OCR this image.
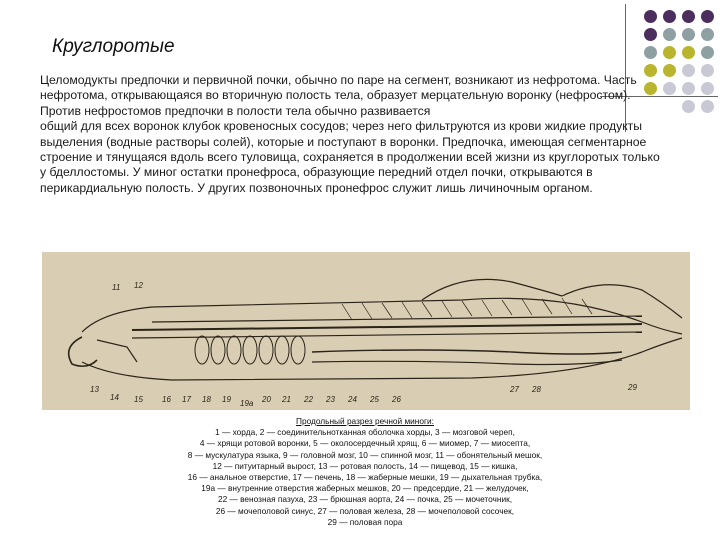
Круглоротые

Целомодукты предпочки и первичной почки, обычно по паре на сегмент, возникают из нефротома. Часть нефротома, открывающаяся во вторичную полость тела, образует мерцательную воронку (нефростом). Против нефростомов предпочки в полости тела обычно развивается

общий для всех воронок клубок кровеносных сосудов; через него фильтруются из крови жидкие продукты выделения (водные растворы солей), которые и поступают в воронки. Предпочка, имеющая сегментарное строение и тянущаяся вдоль всего туловища, сохраняется в продолжении всей жизни из круглоротых только у бделлостомы. У миног остатки пронефроса, образующие передний отдел почки, открываются в перикардиальную полость. У других позвоночных пронефрос служит лишь личиночным органом.

11 12
13
14 15 16 17 18 19 19a 20 21 22 23 24 25 26
27 28	29
Продольный разрез речной миноги:
1 — хорда, 2 — соединительнотканная оболочка хорды, 3 — мозговой череп,
4 — хрящи ротовой воронки, 5 — околосердечный хрящ, 6 — миомер, 7 — миосепта,
8 — мускулатура языка, 9 — головной мозг, 10 — спинной мозг, 11 — обонятельный мешок,
12 — питуитарный вырост, 13 — ротовая полость, 14 — пищевод, 15 — кишка,
16 — анальное отверстие, 17 — печень, 18 — жаберные мешки, 19 — дыхательная трубка,
19а — внутренние отверстия жаберных мешков, 20 — предсердие, 21 — желудочек,
22 — венозная пазуха, 23 — брюшная аорта, 24 — почка, 25 — мочеточник,
26 — мочеполовой синус, 27 — половая железа, 28 — мочеполовой сосочек,
29 — половая пора
